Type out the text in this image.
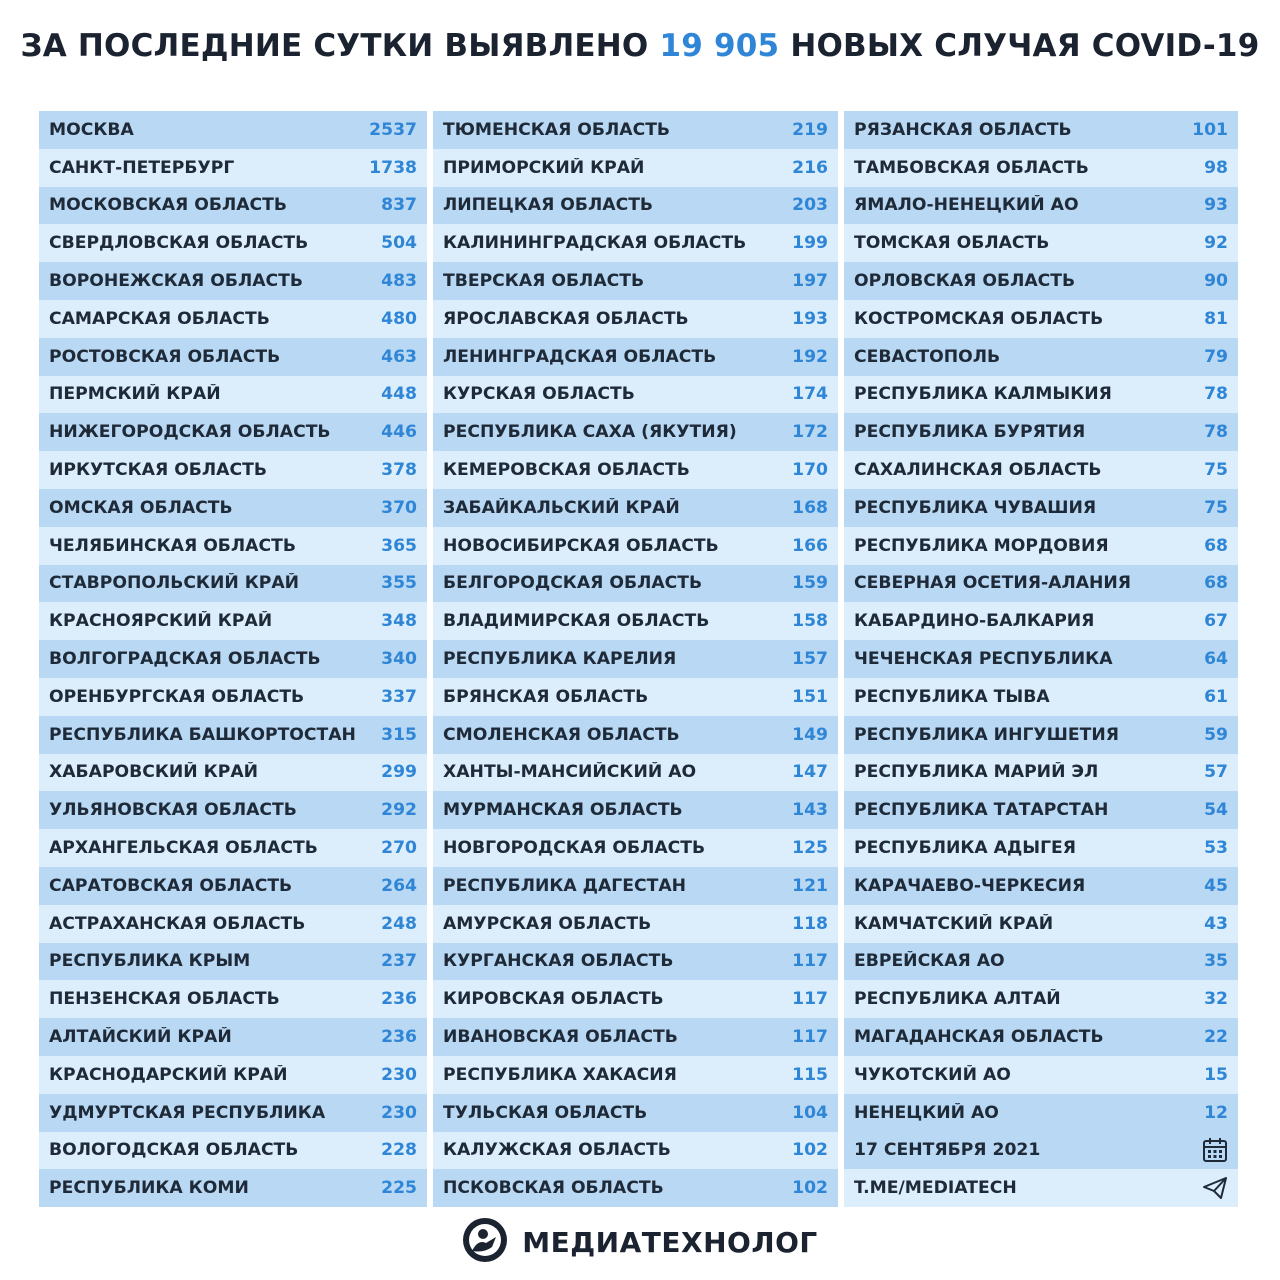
ЗА ПОСЛЕДНИЕ СУТКИ ВЫЯВЛЕНО 19 905 НОВЫХ СЛУЧАЯ COVID-19
МОСКВА	2537
САНКТ-ПЕТЕРБУРГ	1738
МОСКОВСКАЯ ОБЛАСТЬ	837
СВЕРДЛОВСКАЯ ОБЛАСТЬ	504
ВОРОНЕЖСКАЯ ОБЛАСТЬ	483
САМАРСКАЯ ОБЛАСТЬ	480
РОСТОВСКАЯ ОБЛАСТЬ	463
ПЕРМСКИЙ КРАЙ	448
НИЖЕГОРОДСКАЯ ОБЛАСТЬ	446
ИРКУТСКАЯ ОБЛАСТЬ	378
ОМСКАЯ ОБЛАСТЬ	370
ЧЕЛЯБИНСКАЯ ОБЛАСТЬ	365
СТАВРОПОЛЬСКИЙ КРАЙ	355
КРАСНОЯРСКИЙ КРАЙ	348
ВОЛГОГРАДСКАЯ ОБЛАСТЬ	340
ОРЕНБУРГСКАЯ ОБЛАСТЬ	337
РЕСПУБЛИКА БАШКОРТОСТАН	315
ХАБАРОВСКИЙ КРАЙ	299
УЛЬЯНОВСКАЯ ОБЛАСТЬ	292
АРХАНГЕЛЬСКАЯ ОБЛАСТЬ	270
САРАТОВСКАЯ ОБЛАСТЬ	264
АСТРАХАНСКАЯ ОБЛАСТЬ	248
РЕСПУБЛИКА КРЫМ	237
ПЕНЗЕНСКАЯ ОБЛАСТЬ	236
АЛТАЙСКИЙ КРАЙ	236
КРАСНОДАРСКИЙ КРАЙ	230
УДМУРТСКАЯ РЕСПУБЛИКА	230
ВОЛОГОДСКАЯ ОБЛАСТЬ	228
РЕСПУБЛИКА КОМИ	225
ТЮМЕНСКАЯ ОБЛАСТЬ	219
ПРИМОРСКИЙ КРАЙ	216
ЛИПЕЦКАЯ ОБЛАСТЬ	203
КАЛИНИНГРАДСКАЯ ОБЛАСТЬ	199
ТВЕРСКАЯ ОБЛАСТЬ	197
ЯРОСЛАВСКАЯ ОБЛАСТЬ	193
ЛЕНИНГРАДСКАЯ ОБЛАСТЬ	192
КУРСКАЯ ОБЛАСТЬ	174
РЕСПУБЛИКА САХА (ЯКУТИЯ)	172
КЕМЕРОВСКАЯ ОБЛАСТЬ	170
ЗАБАЙКАЛЬСКИЙ КРАЙ	168
НОВОСИБИРСКАЯ ОБЛАСТЬ	166
БЕЛГОРОДСКАЯ ОБЛАСТЬ	159
ВЛАДИМИРСКАЯ ОБЛАСТЬ	158
РЕСПУБЛИКА КАРЕЛИЯ	157
БРЯНСКАЯ ОБЛАСТЬ	151
СМОЛЕНСКАЯ ОБЛАСТЬ	149
ХАНТЫ-МАНСИЙСКИЙ АО	147
МУРМАНСКАЯ ОБЛАСТЬ	143
НОВГОРОДСКАЯ ОБЛАСТЬ	125
РЕСПУБЛИКА ДАГЕСТАН	121
АМУРСКАЯ ОБЛАСТЬ	118
КУРГАНСКАЯ ОБЛАСТЬ	117
КИРОВСКАЯ ОБЛАСТЬ	117
ИВАНОВСКАЯ ОБЛАСТЬ	117
РЕСПУБЛИКА ХАКАСИЯ	115
ТУЛЬСКАЯ ОБЛАСТЬ	104
КАЛУЖСКАЯ ОБЛАСТЬ	102
ПСКОВСКАЯ ОБЛАСТЬ	102
РЯЗАНСКАЯ ОБЛАСТЬ	101
ТАМБОВСКАЯ ОБЛАСТЬ	98
ЯМАЛО-НЕНЕЦКИЙ АО	93
ТОМСКАЯ ОБЛАСТЬ	92
ОРЛОВСКАЯ ОБЛАСТЬ	90
КОСТРОМСКАЯ ОБЛАСТЬ	81
СЕВАСТОПОЛЬ	79
РЕСПУБЛИКА КАЛМЫКИЯ	78
РЕСПУБЛИКА БУРЯТИЯ	78
САХАЛИНСКАЯ ОБЛАСТЬ	75
РЕСПУБЛИКА ЧУВАШИЯ	75
РЕСПУБЛИКА МОРДОВИЯ	68
СЕВЕРНАЯ ОСЕТИЯ-АЛАНИЯ	68
КАБАРДИНО-БАЛКАРИЯ	67
ЧЕЧЕНСКАЯ РЕСПУБЛИКА	64
РЕСПУБЛИКА ТЫВА	61
РЕСПУБЛИКА ИНГУШЕТИЯ	59
РЕСПУБЛИКА МАРИЙ ЭЛ	57
РЕСПУБЛИКА ТАТАРСТАН	54
РЕСПУБЛИКА АДЫГЕЯ	53
КАРАЧАЕВО-ЧЕРКЕСИЯ	45
КАМЧАТСКИЙ КРАЙ	43
ЕВРЕЙСКАЯ АО	35
РЕСПУБЛИКА АЛТАЙ	32
МАГАДАНСКАЯ ОБЛАСТЬ	22
ЧУКОТСКИЙ АО	15
НЕНЕЦКИЙ АО	12
17 СЕНТЯБРЯ 2021
T.ME/MEDIATECH
МЕДИАТЕХНОЛОГ
